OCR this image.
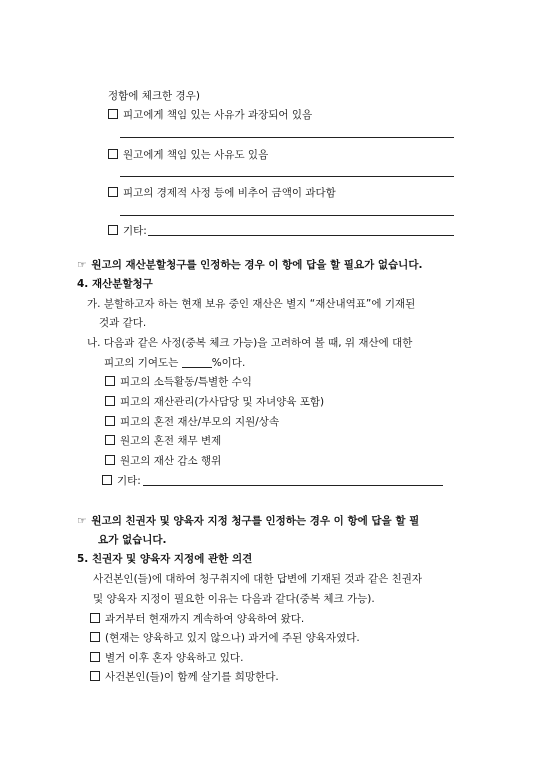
정함에 체크한 경우)
피고에게 책임 있는 사유가 과장되어 있음
원고에게 책임 있는 사유도 있음
피고의 경제적 사정 등에 비추어 금액이 과다함
기타:
☞ 원고의 재산분할청구를 인정하는 경우 이 항에 답을 할 필요가 없습니다.
4. 재산분할청구
가. 분할하고자 하는 현재 보유 중인 재산은 별지 “재산내역표”에 기재된
것과 같다.
나. 다음과 같은 사정(중복 체크 가능)을 고려하여 볼 때, 위 재산에 대한
피고의 기여도는	%이다.
피고의 소득활동/특별한 수익
피고의 재산관리(가사담당 및 자녀양육 포함)
피고의 혼전 재산/부모의 지원/상속
원고의 혼전 채무 변제
원고의 재산 감소 행위
기타:
☞ 원고의 친권자 및 양육자 지정 청구를 인정하는 경우 이 항에 답을 할 필
요가 없습니다.
5. 친권자 및 양육자 지정에 관한 의견
사건본인(들)에 대하여 청구취지에 대한 답변에 기재된 것과 같은 친권자
및 양육자 지정이 필요한 이유는 다음과 같다(중복 체크 가능).
과거부터 현재까지 계속하여 양육하여 왔다.
(현재는 양육하고 있지 않으나) 과거에 주된 양육자였다.
별거 이후 혼자 양육하고 있다.
사건본인(들)이 함께 살기를 희망한다.
